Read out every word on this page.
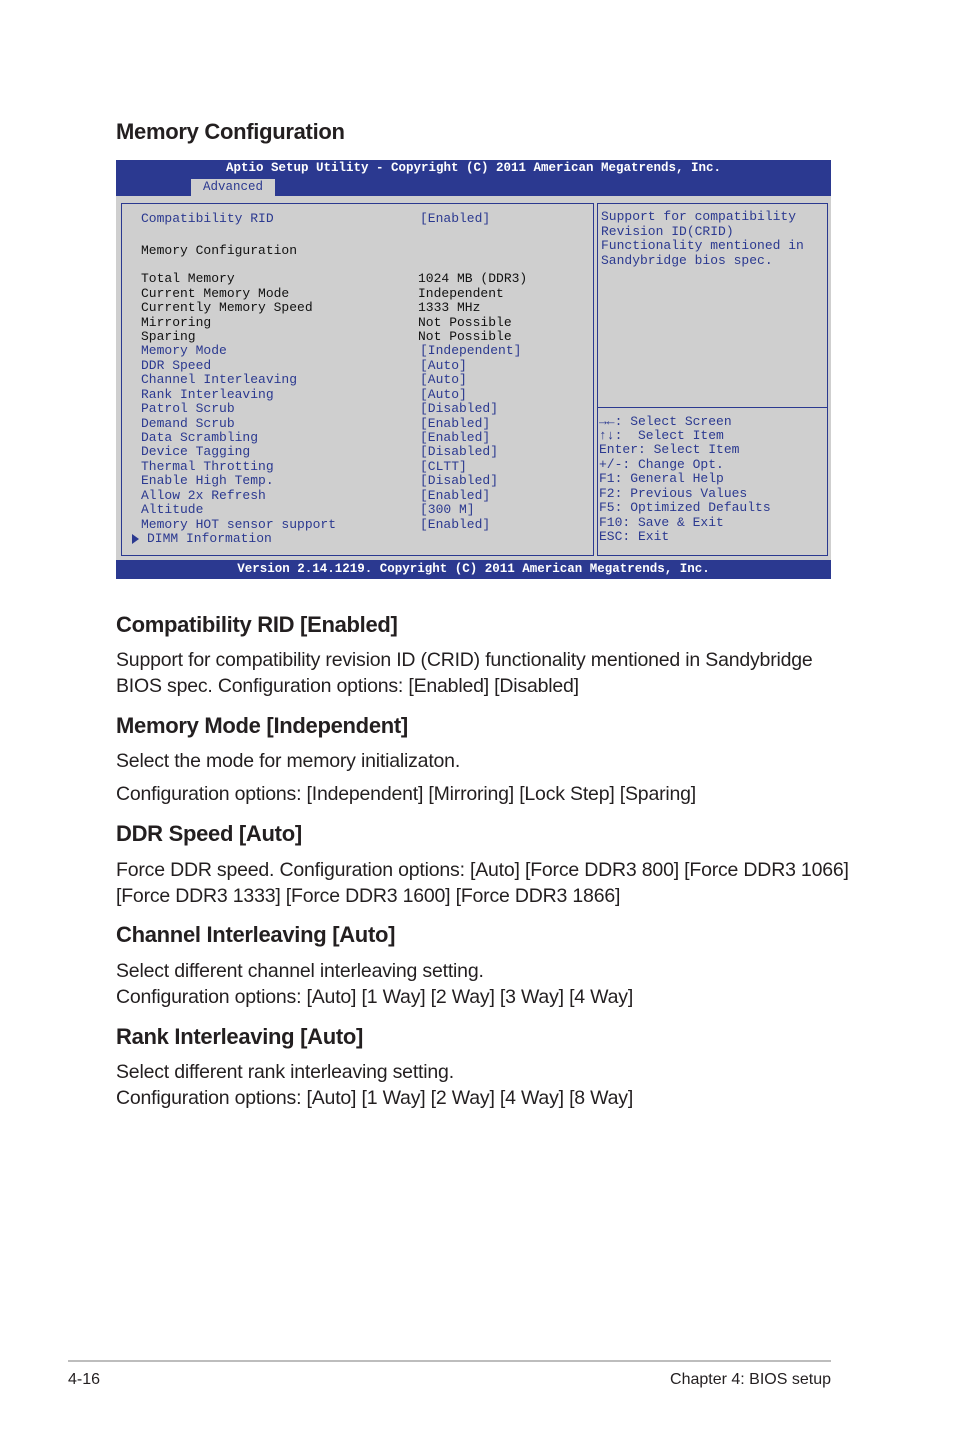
Memory Configuration
Aptio Setup Utility - Copyright (C) 2011 American Megatrends, Inc.
Advanced
Compatibility RID	[Enabled]
Memory Configuration
Total Memory	1024 MB (DDR3)
Current Memory Mode	Independent
Currently Memory Speed	1333 MHz
Mirroring	Not Possible
Sparing	Not Possible
Memory Mode	[Independent]
DDR Speed	[Auto]
Channel Interleaving	[Auto]
Rank Interleaving	[Auto]
Patrol Scrub	[Disabled]
Demand Scrub	[Enabled]
Data Scrambling	[Enabled]
Device Tagging	[Disabled]
Thermal Throtting	[CLTT]
Enable High Temp.	[Disabled]
Allow 2x Refresh	[Enabled]
Altitude	[300 M]
Memory HOT sensor support	[Enabled]
DIMM Information
Support for compatibility
Revision ID(CRID)
Functionality mentioned in
Sandybridge bios spec.
→←: Select Screen
↑↓:  Select Item
Enter: Select Item
+/-: Change Opt.
F1: General Help
F2: Previous Values
F5: Optimized Defaults
F10: Save & Exit
ESC: Exit
Version 2.14.1219. Copyright (C) 2011 American Megatrends, Inc.
Compatibility RID [Enabled]

Support for compatibility revision ID (CRID) functionality mentioned in Sandybridge BIOS spec. Configuration options: [Enabled] [Disabled]

Memory Mode [Independent]

Select the mode for memory initializaton.

Configuration options: [Independent] [Mirroring] [Lock Step] [Sparing]

DDR Speed [Auto]

Force DDR speed. Configuration options: [Auto] [Force DDR3 800] [Force DDR3 1066] [Force DDR3 1333] [Force DDR3 1600] [Force DDR3 1866]

Channel Interleaving [Auto]

Select different channel interleaving setting.

Configuration options: [Auto] [1 Way] [2 Way] [3 Way] [4 Way]

Rank Interleaving [Auto]

Select different rank interleaving setting.

Configuration options: [Auto] [1 Way] [2 Way] [4 Way] [8 Way]

4-16	Chapter 4: BIOS setup
